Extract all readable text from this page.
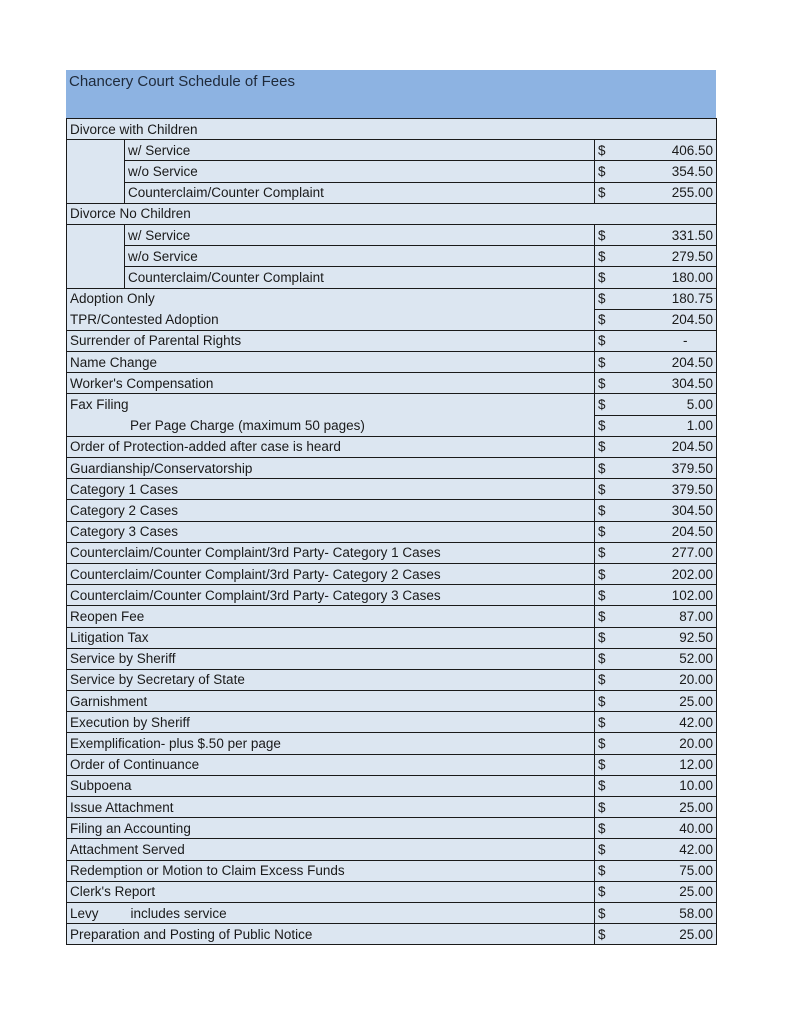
Chancery Court Schedule of Fees
Divorce with Children			
	w/ Service	$	406.50
	w/o Service	$	354.50
	Counterclaim/Counter Complaint	$	255.00
Divorce No Children			
	w/ Service	$	331.50
	w/o Service	$	279.50
	Counterclaim/Counter Complaint	$	180.00
Adoption Only		$	180.75
TPR/Contested Adoption		$	204.50
Surrender of Parental Rights		$	-
Name Change		$	204.50
Worker's Compensation		$	304.50
Fax Filing		$	5.00
Per Page Charge (maximum 50 pages)		$	1.00
Order of Protection-added after case is heard		$	204.50
Guardianship/Conservatorship		$	379.50
Category 1 Cases		$	379.50
Category 2 Cases		$	304.50
Category 3 Cases		$	204.50
Counterclaim/Counter Complaint/3rd Party- Category 1 Cases		$	277.00
Counterclaim/Counter Complaint/3rd Party- Category 2 Cases		$	202.00
Counterclaim/Counter Complaint/3rd Party- Category 3 Cases		$	102.00
Reopen Fee		$	87.00
Litigation Tax		$	92.50
Service by Sheriff		$	52.00
Service by Secretary of State		$	20.00
Garnishment		$	25.00
Execution by Sheriff		$	42.00
Exemplification- plus $.50 per page		$	20.00
Order of Continuance		$	12.00
Subpoena		$	10.00
Issue Attachment		$	25.00
Filing an Accounting		$	40.00
Attachment Served		$	42.00
Redemption or Motion to Claim Excess Funds		$	75.00
Clerk's Report		$	25.00
Levy includes service		$	58.00
Preparation and Posting of Public Notice		$	25.00
